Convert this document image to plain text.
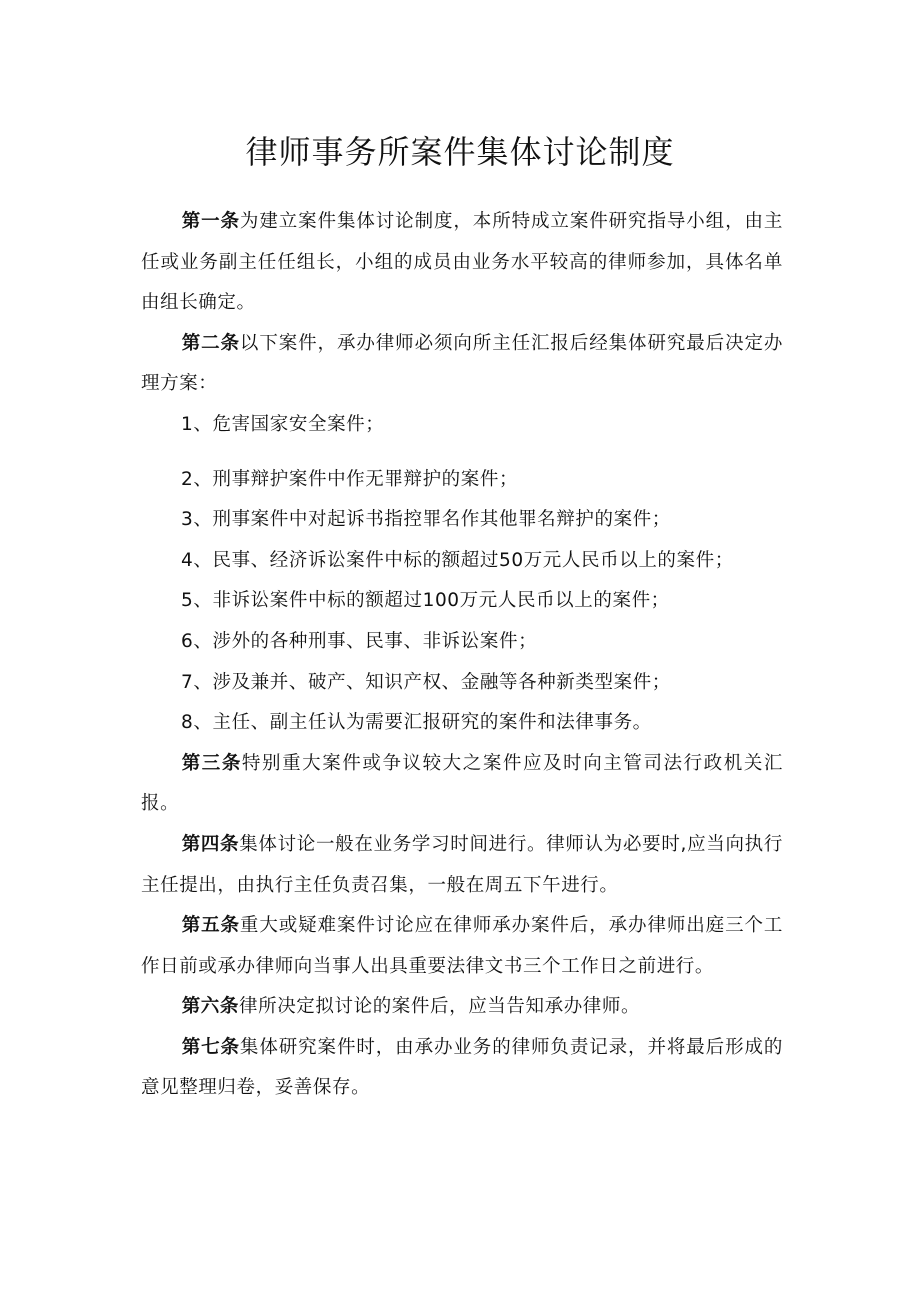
律师事务所案件集体讨论制度

第一条为建立案件集体讨论制度，本所特成立案件研究指导小组，由主任或业务副主任任组长，小组的成员由业务水平较高的律师参加，具体名单由组长确定。

第二条以下案件，承办律师必须向所主任汇报后经集体研究最后决定办理方案：

1、危害国家安全案件；

2、刑事辩护案件中作无罪辩护的案件；

3、刑事案件中对起诉书指控罪名作其他罪名辩护的案件；

4、民事、经济诉讼案件中标的额超过50万元人民币以上的案件；

5、非诉讼案件中标的额超过100万元人民币以上的案件；

6、涉外的各种刑事、民事、非诉讼案件；

7、涉及兼并、破产、知识产权、金融等各种新类型案件；

8、主任、副主任认为需要汇报研究的案件和法律事务。

第三条特别重大案件或争议较大之案件应及时向主管司法行政机关汇报。

第四条集体讨论一般在业务学习时间进行。律师认为必要时,应当向执行主任提出，由执行主任负责召集，一般在周五下午进行。

第五条重大或疑难案件讨论应在律师承办案件后，承办律师出庭三个工作日前或承办律师向当事人出具重要法律文书三个工作日之前进行。

第六条律所决定拟讨论的案件后，应当告知承办律师。

第七条集体研究案件时，由承办业务的律师负责记录，并将最后形成的意见整理归卷，妥善保存。
